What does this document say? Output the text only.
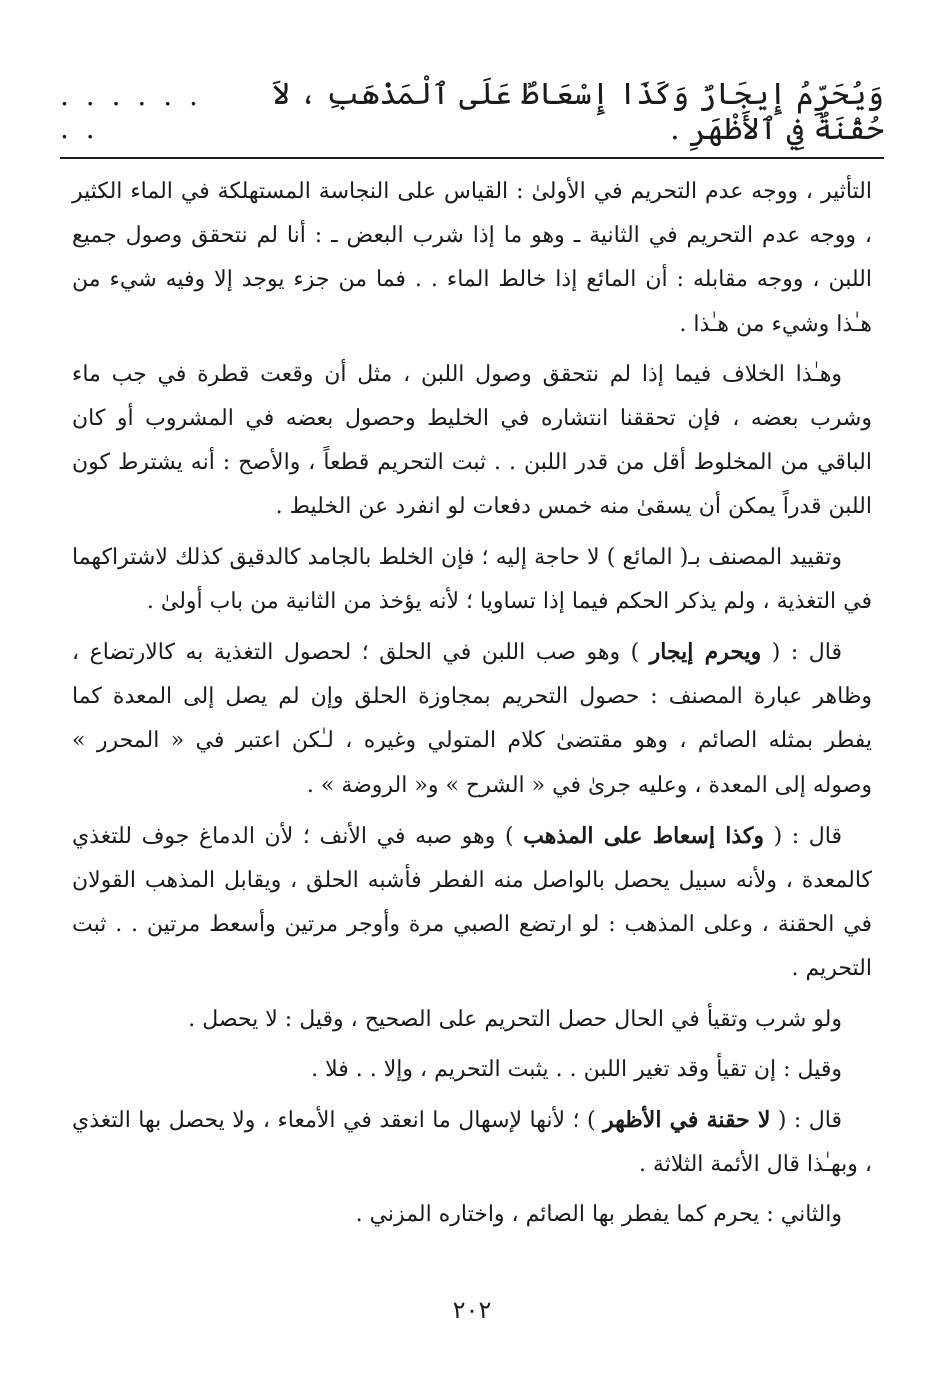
وَيُحَرِّمُ إِيجَارٌ وَكَذَا إِسْعَاطٌ عَلَى ٱلْمَذْهَبِ ، لاَ حُقْنَةٌ فِي ٱلأَظْهَرِ .
. . . . . . . .

التأثير ، ووجه عدم التحريم في الأولىٰ : القياس على النجاسة المستهلكة في الماء الكثير ، ووجه عدم التحريم في الثانية ـ وهو ما إذا شرب البعض ـ : أنا لم نتحقق وصول جميع اللبن ، ووجه مقابله : أن المائع إذا خالط الماء . . فما من جزء يوجد إلا وفيه شيء من هـٰذا وشيء من هـٰذا .

وهـٰذا الخلاف فيما إذا لم نتحقق وصول اللبن ، مثل أن وقعت قطرة في جب ماء وشرب بعضه ، فإن تحققنا انتشاره في الخليط وحصول بعضه في المشروب أو كان الباقي من المخلوط أقل من قدر اللبن . . ثبت التحريم قطعاً ، والأصح : أنه يشترط كون اللبن قدراً يمكن أن يسقىٰ منه خمس دفعات لو انفرد عن الخليط .

وتقييد المصنف بـ( المائع ) لا حاجة إليه ؛ فإن الخلط بالجامد كالدقيق كذلك لاشتراكهما في التغذية ، ولم يذكر الحكم فيما إذا تساويا ؛ لأنه يؤخذ من الثانية من باب أولىٰ .

قال : ( ويحرم إيجار ) وهو صب اللبن في الحلق ؛ لحصول التغذية به كالارتضاع ، وظاهر عبارة المصنف : حصول التحريم بمجاوزة الحلق وإن لم يصل إلى المعدة كما يفطر بمثله الصائم ، وهو مقتضىٰ كلام المتولي وغيره ، لـٰكن اعتبر في « المحرر » وصوله إلى المعدة ، وعليه جرىٰ في « الشرح » و« الروضة » .

قال : ( وكذا إسعاط على المذهب ) وهو صبه في الأنف ؛ لأن الدماغ جوف للتغذي كالمعدة ، ولأنه سبيل يحصل بالواصل منه الفطر فأشبه الحلق ، ويقابل المذهب القولان في الحقنة ، وعلى المذهب : لو ارتضع الصبي مرة وأوجر مرتين وأسعط مرتين . . ثبت التحريم .

ولو شرب وتقيأ في الحال حصل التحريم على الصحيح ، وقيل : لا يحصل .

وقيل : إن تقيأ وقد تغير اللبن . . يثبت التحريم ، وإلا . . فلا .

قال : ( لا حقنة في الأظهر ) ؛ لأنها لإسهال ما انعقد في الأمعاء ، ولا يحصل بها التغذي ، وبهـٰذا قال الأئمة الثلاثة .

والثاني : يحرم كما يفطر بها الصائم ، واختاره المزني .

٢٠٢
